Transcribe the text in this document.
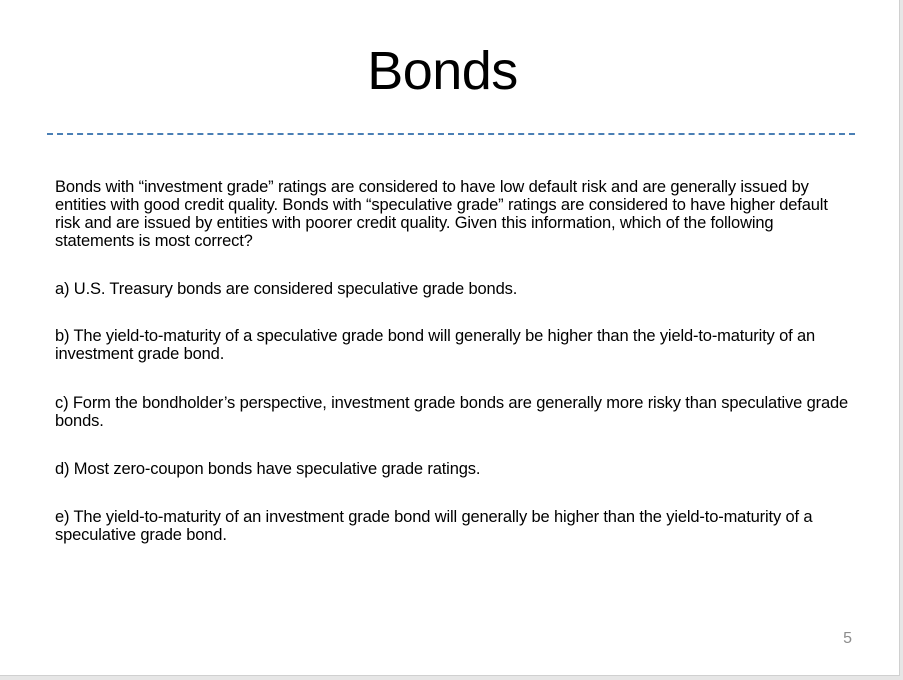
Bonds

Bonds with “investment grade” ratings are considered to have low default risk and are generally issued by entities with good credit quality. Bonds with “speculative grade” ratings are considered to have higher default risk and are issued by entities with poorer credit quality. Given this information, which of the following statements is most correct?

a) U.S. Treasury bonds are considered speculative grade bonds.

b) The yield-to-maturity of a speculative grade bond will generally be higher than the yield-to-maturity of an investment grade bond.

c) Form the bondholder’s perspective, investment grade bonds are generally more risky than speculative grade bonds.

d) Most zero-coupon bonds have speculative grade ratings.

e) The yield-to-maturity of an investment grade bond will generally be higher than the yield-to-maturity of a speculative grade bond.

5
